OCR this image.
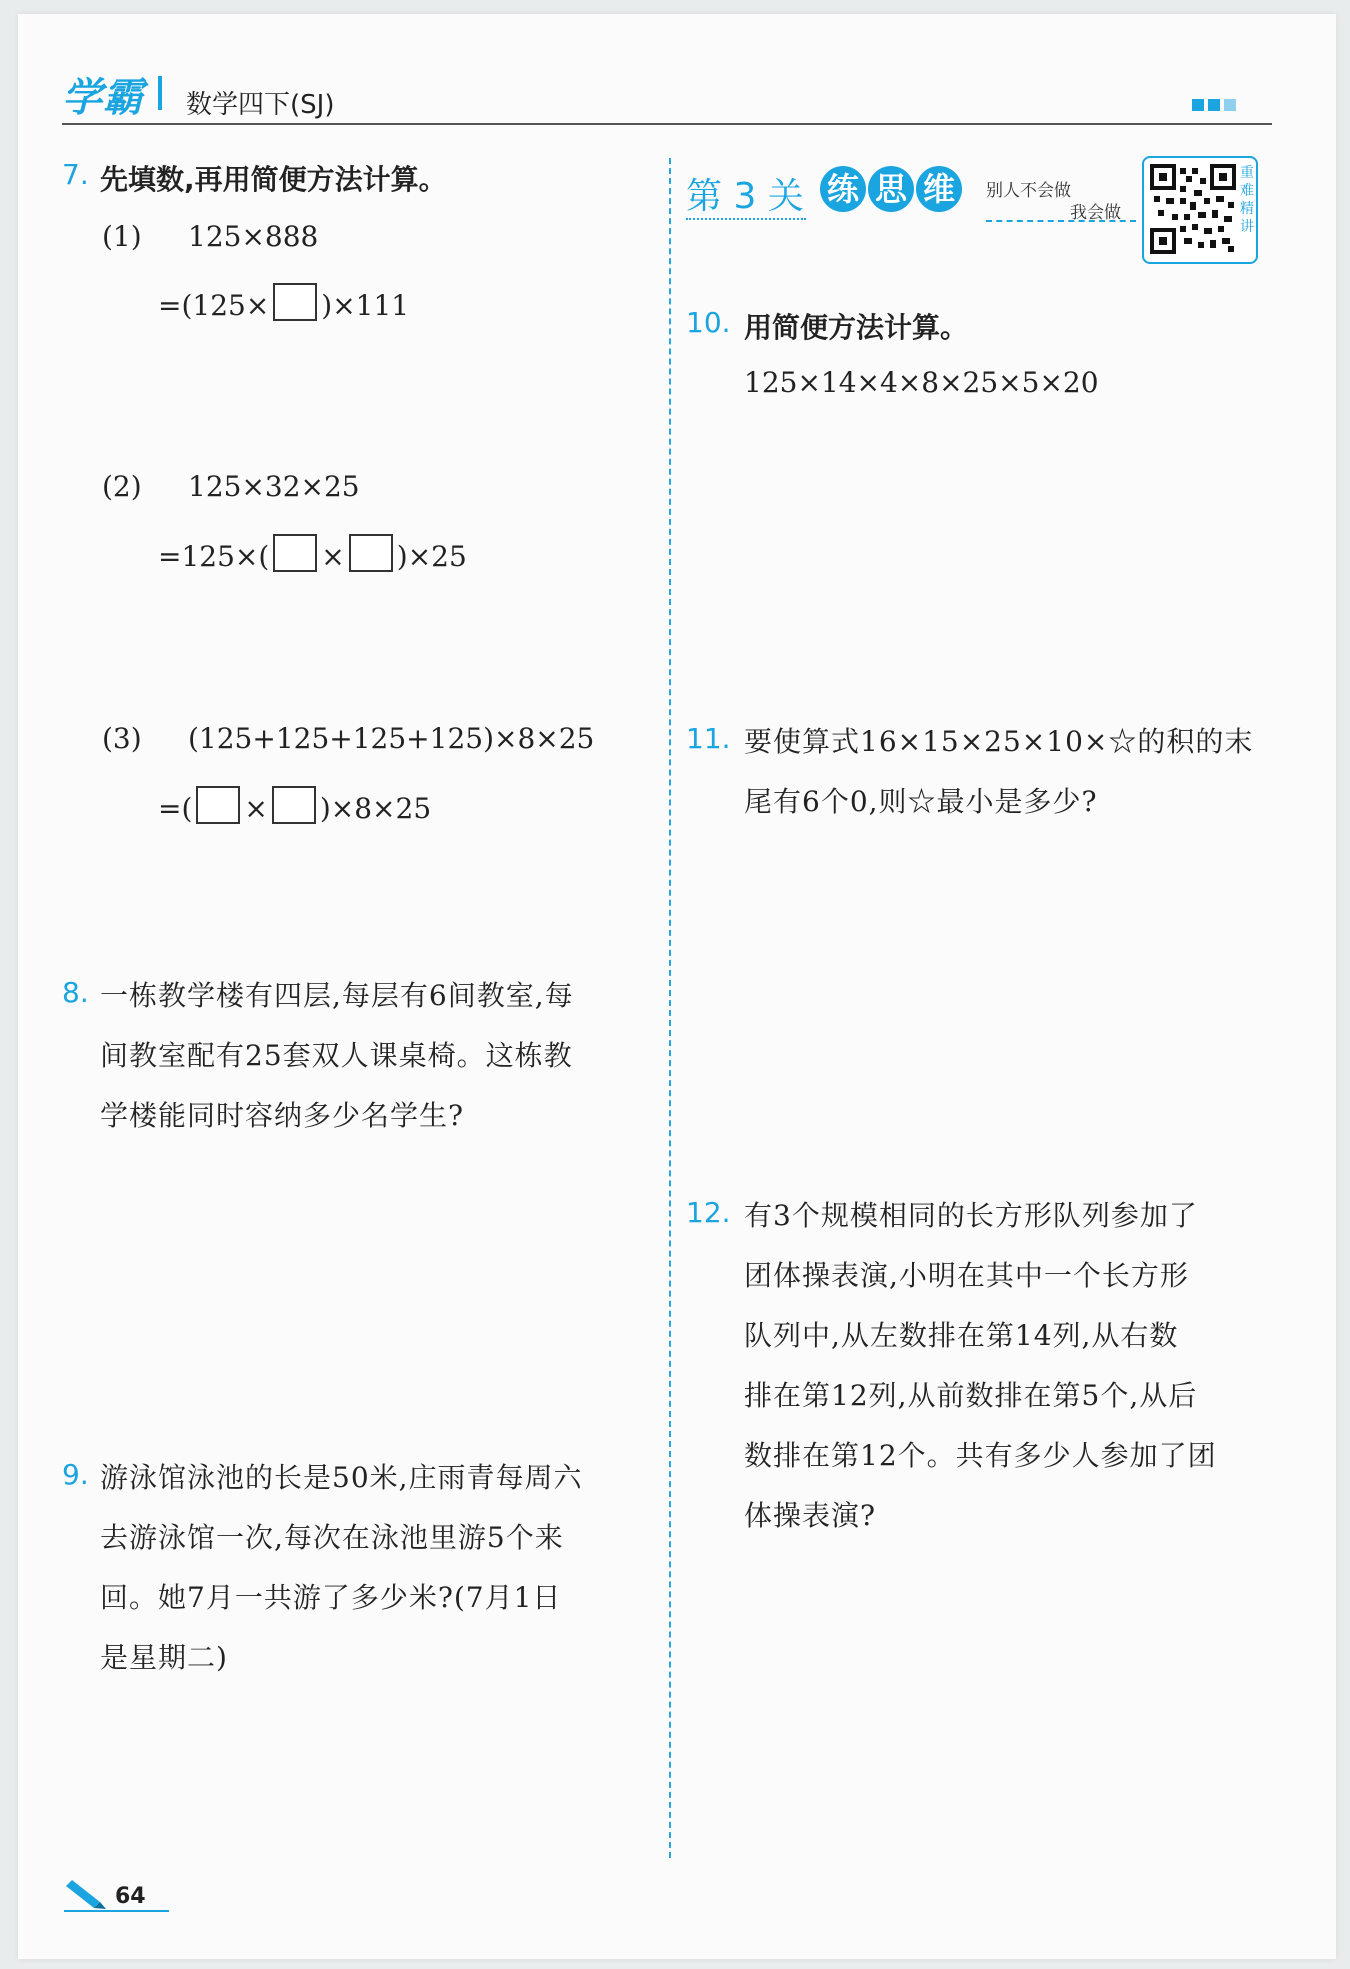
学霸 数学四下(SJ)
7. 先填数,再用简便方法计算。
(1) 125×888
=(125× )×111
(2) 125×32×25
=125×( × )×25
(3) (125+125+125+125)×8×25
=( × )×8×25
8. 一栋教学楼有四层,每层有6间教室,每
间教室配有25套双人课桌椅。这栋教
学楼能同时容纳多少名学生?
9. 游泳馆泳池的长是50米,庄雨青每周六
去游泳馆一次,每次在泳池里游5个来
回。她7月一共游了多少米?(7月1日
是星期二)
第 3 关 练 思 维	别人不会做
我会做
重
难
精
讲
10. 用简便方法计算。
125×14×4×8×25×5×20
11. 要使算式16×15×25×10×☆的积的末
尾有6个0,则☆最小是多少?
12. 有3个规模相同的长方形队列参加了
团体操表演,小明在其中一个长方形
队列中,从左数排在第14列,从右数
排在第12列,从前数排在第5个,从后
数排在第12个。共有多少人参加了团
体操表演?
64
